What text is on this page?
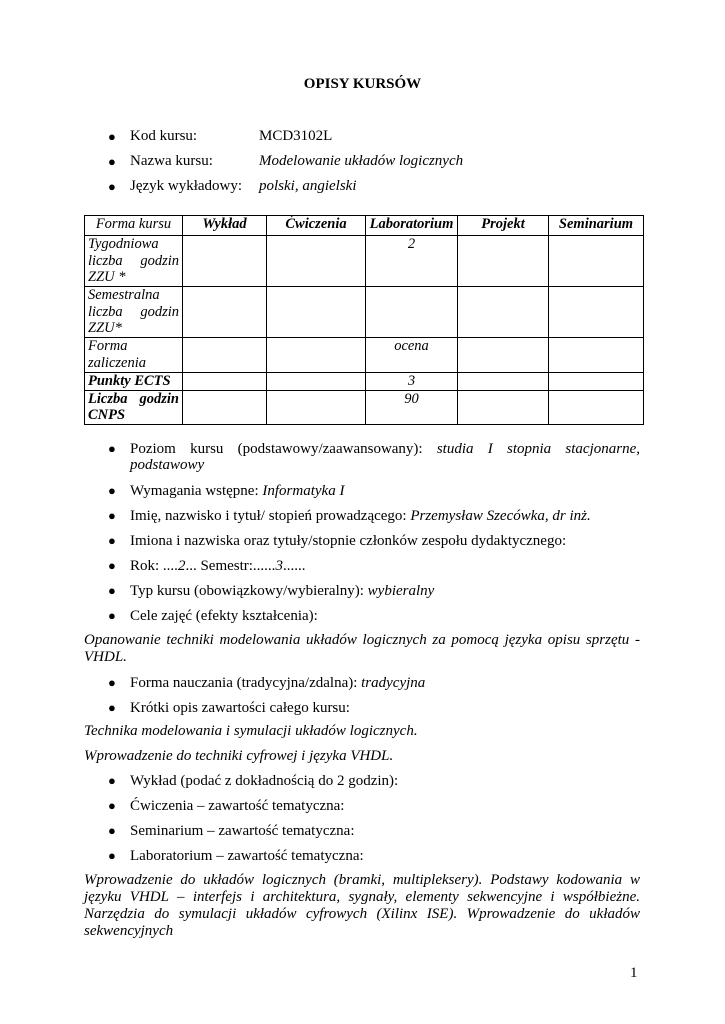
OPISY KURSÓW
● Kod kursu:	MCD3102L
● Nazwa kursu:	Modelowanie układów logicznych
● Język wykładowy:	polski, angielski
Forma kursu	Wykład	Ćwiczenia	Laboratorium	Projekt	Seminarium
Tygodniowa liczba godzin ZZU *			2		
Semestralna liczba godzin ZZU*					
Forma zaliczenia			ocena		
Punkty ECTS			3		
Liczba godzin CNPS			90		
● Poziom kursu (podstawowy/zaawansowany): studia I stopnia stacjonarne, podstawowy
● Wymagania wstępne: Informatyka I
● Imię, nazwisko i tytuł/ stopień prowadzącego: Przemysław Szecówka, dr inż.
● Imiona i nazwiska oraz tytuły/stopnie członków zespołu dydaktycznego:
● Rok: ....2... Semestr:......3......
● Typ kursu (obowiązkowy/wybieralny): wybieralny
● Cele zajęć (efekty kształcenia):
Opanowanie techniki modelowania układów logicznych za pomocą języka opisu sprzętu - VHDL.
● Forma nauczania (tradycyjna/zdalna): tradycyjna
● Krótki opis zawartości całego kursu:
Technika modelowania i symulacji układów logicznych.
Wprowadzenie do techniki cyfrowej i języka VHDL.
● Wykład (podać z dokładnością do 2 godzin):
● Ćwiczenia – zawartość tematyczna:
● Seminarium – zawartość tematyczna:
● Laboratorium – zawartość tematyczna:
Wprowadzenie do układów logicznych (bramki, multipleksery). Podstawy kodowania w języku VHDL – interfejs i architektura, sygnały, elementy sekwencyjne i współbieżne. Narzędzia do symulacji układów cyfrowych (Xilinx ISE). Wprowadzenie do układów sekwencyjnych
1
